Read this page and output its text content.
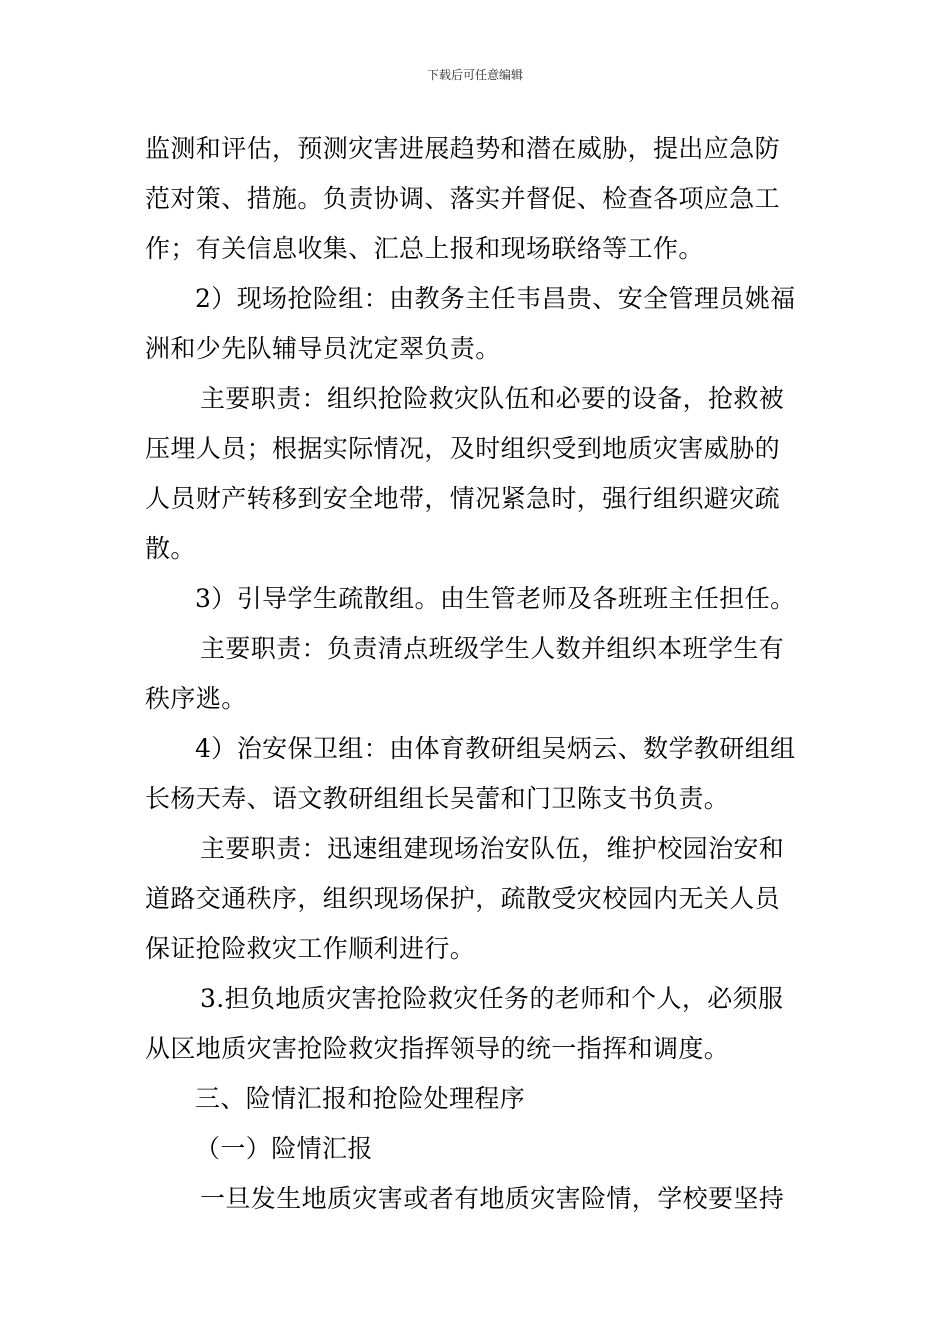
下载后可任意编辑
监测和评估，预测灾害进展趋势和潜在威胁，提出应急防
范对策、措施。负责协调、落实并督促、检查各项应急工
作；有关信息收集、汇总上报和现场联络等工作。
2）现场抢险组：由教务主任韦昌贵、安全管理员姚福
洲和少先队辅导员沈定翠负责。
主要职责：组织抢险救灾队伍和必要的设备，抢救被
压埋人员；根据实际情况，及时组织受到地质灾害威胁的
人员财产转移到安全地带，情况紧急时，强行组织避灾疏
散。
3）引导学生疏散组。由生管老师及各班班主任担任。
主要职责：负责清点班级学生人数并组织本班学生有
秩序逃。
4）治安保卫组：由体育教研组吴炳云、数学教研组组
长杨天寿、语文教研组组长吴蕾和门卫陈支书负责。
主要职责：迅速组建现场治安队伍，维护校园治安和
道路交通秩序，组织现场保护，疏散受灾校园内无关人员
保证抢险救灾工作顺利进行。
3.担负地质灾害抢险救灾任务的老师和个人，必须服
从区地质灾害抢险救灾指挥领导的统一指挥和调度。
三、险情汇报和抢险处理程序
（一）险情汇报
一旦发生地质灾害或者有地质灾害险情，学校要坚持
